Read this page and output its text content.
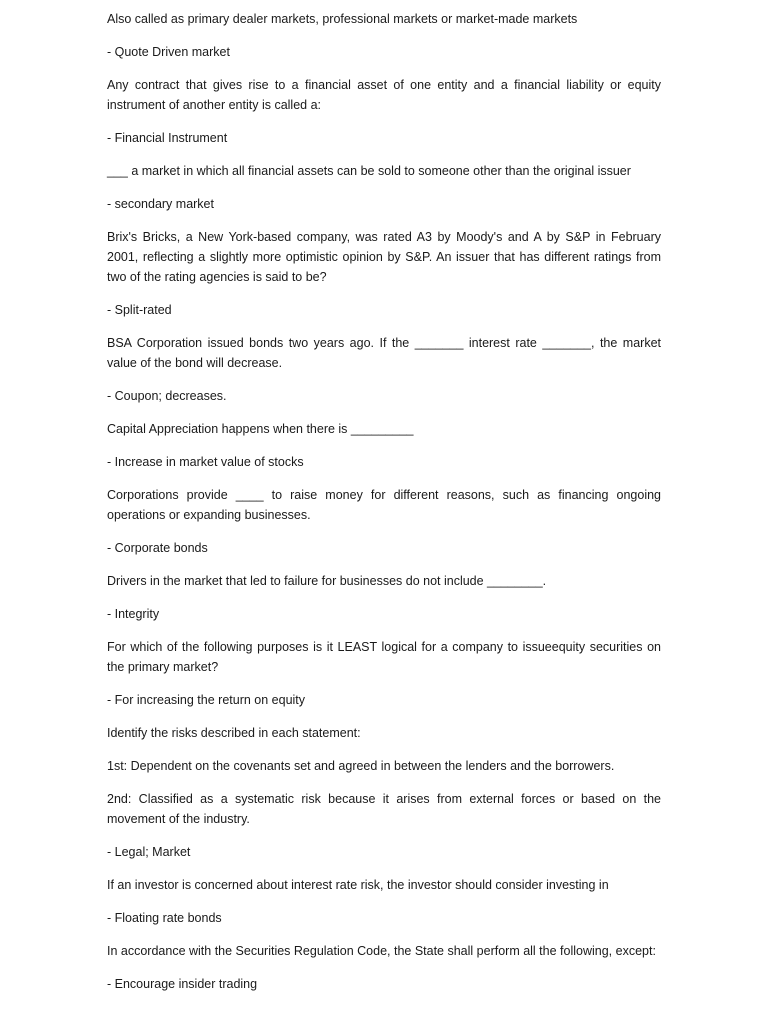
Also called as primary dealer markets, professional markets or market-made markets

- Quote Driven market

Any contract that gives rise to a financial asset of one entity and a financial liability or equity instrument of another entity is called a:

- Financial Instrument

___ a market in which all financial assets can be sold to someone other than the original issuer

- secondary market

Brix's Bricks, a New York-based company, was rated A3 by Moody's and A by S&P in February 2001, reflecting a slightly more optimistic opinion by S&P. An issuer that has different ratings from two of the rating agencies is said to be?

- Split-rated

BSA Corporation issued bonds two years ago. If the _______ interest rate _______, the market value of the bond will decrease.

- Coupon; decreases.

Capital Appreciation happens when there is _________

- Increase in market value of stocks

Corporations provide ____ to raise money for different reasons, such as financing ongoing operations or expanding businesses.

- Corporate bonds

Drivers in the market that led to failure for businesses do not include ________.

- Integrity

For which of the following purposes is it LEAST logical for a company to issueequity securities on the primary market?

- For increasing the return on equity

Identify the risks described in each statement:

1st: Dependent on the covenants set and agreed in between the lenders and the borrowers.

2nd: Classified as a systematic risk because it arises from external forces or based on the movement of the industry.

- Legal; Market

If an investor is concerned about interest rate risk, the investor should consider investing in

- Floating rate bonds

In accordance with the Securities Regulation Code, the State shall perform all the following, except:

- Encourage insider trading
